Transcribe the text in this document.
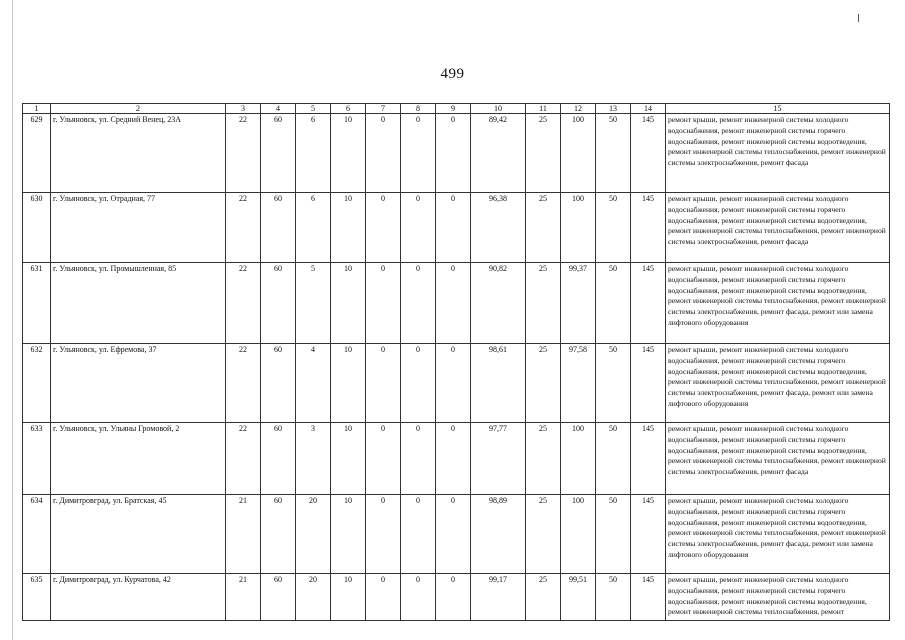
499
1	2	3	4	5	6	7	8	9	10	11	12	13	14	15
629	г. Ульяновск, ул. Средний Венец, 23А	22	60	6	10	0	0	0	89,42	25	100	50	145	ремонт крыши, ремонт инженерной системы холодного водоснабжения, ремонт инженерной системы горячего водоснабжения, ремонт инженерной системы водоотведения, ремонт инженерной системы теплоснабжения, ремонт инженерной системы электроснабжения, ремонт фасада
630	г. Ульяновск, ул. Отрадная, 77	22	60	6	10	0	0	0	96,38	25	100	50	145	ремонт крыши, ремонт инженерной системы холодного водоснабжения, ремонт инженерной системы горячего водоснабжения, ремонт инженерной системы водоотведения, ремонт инженерной системы теплоснабжения, ремонт инженерной системы электроснабжения, ремонт фасада
631	г. Ульяновск, ул. Промышленная, 85	22	60	5	10	0	0	0	90,82	25	99,37	50	145	ремонт крыши, ремонт инженерной системы холодного водоснабжения, ремонт инженерной системы горячего водоснабжения, ремонт инженерной системы водоотведения, ремонт инженерной системы теплоснабжения, ремонт инженерной системы электроснабжения, ремонт фасада, ремонт или замена лифтового оборудования
632	г. Ульяновск, ул. Ефремова, 37	22	60	4	10	0	0	0	98,61	25	97,58	50	145	ремонт крыши, ремонт инженерной системы холодного водоснабжения, ремонт инженерной системы горячего водоснабжения, ремонт инженерной системы водоотведения, ремонт инженерной системы теплоснабжения, ремонт инженерной системы электроснабжения, ремонт фасада, ремонт или замена лифтового оборудования
633	г. Ульяновск, ул. Ульяны Громовой, 2	22	60	3	10	0	0	0	97,77	25	100	50	145	ремонт крыши, ремонт инженерной системы холодного водоснабжения, ремонт инженерной системы горячего водоснабжения, ремонт инженерной системы водоотведения, ремонт инженерной системы теплоснабжения, ремонт инженерной системы электроснабжения, ремонт фасада
634	г. Димитровград, ул. Братская, 45	21	60	20	10	0	0	0	98,89	25	100	50	145	ремонт крыши, ремонт инженерной системы холодного водоснабжения, ремонт инженерной системы горячего водоснабжения, ремонт инженерной системы водоотведения, ремонт инженерной системы теплоснабжения, ремонт инженерной системы электроснабжения, ремонт фасада, ремонт или замена лифтового оборудования
635	г. Димитровград, ул. Курчатова, 42	21	60	20	10	0	0	0	99,17	25	99,51	50	145	ремонт крыши, ремонт инженерной системы холодного водоснабжения, ремонт инженерной системы горячего водоснабжения, ремонт инженерной системы водоотведения, ремонт инженерной системы теплоснабжения, ремонт
